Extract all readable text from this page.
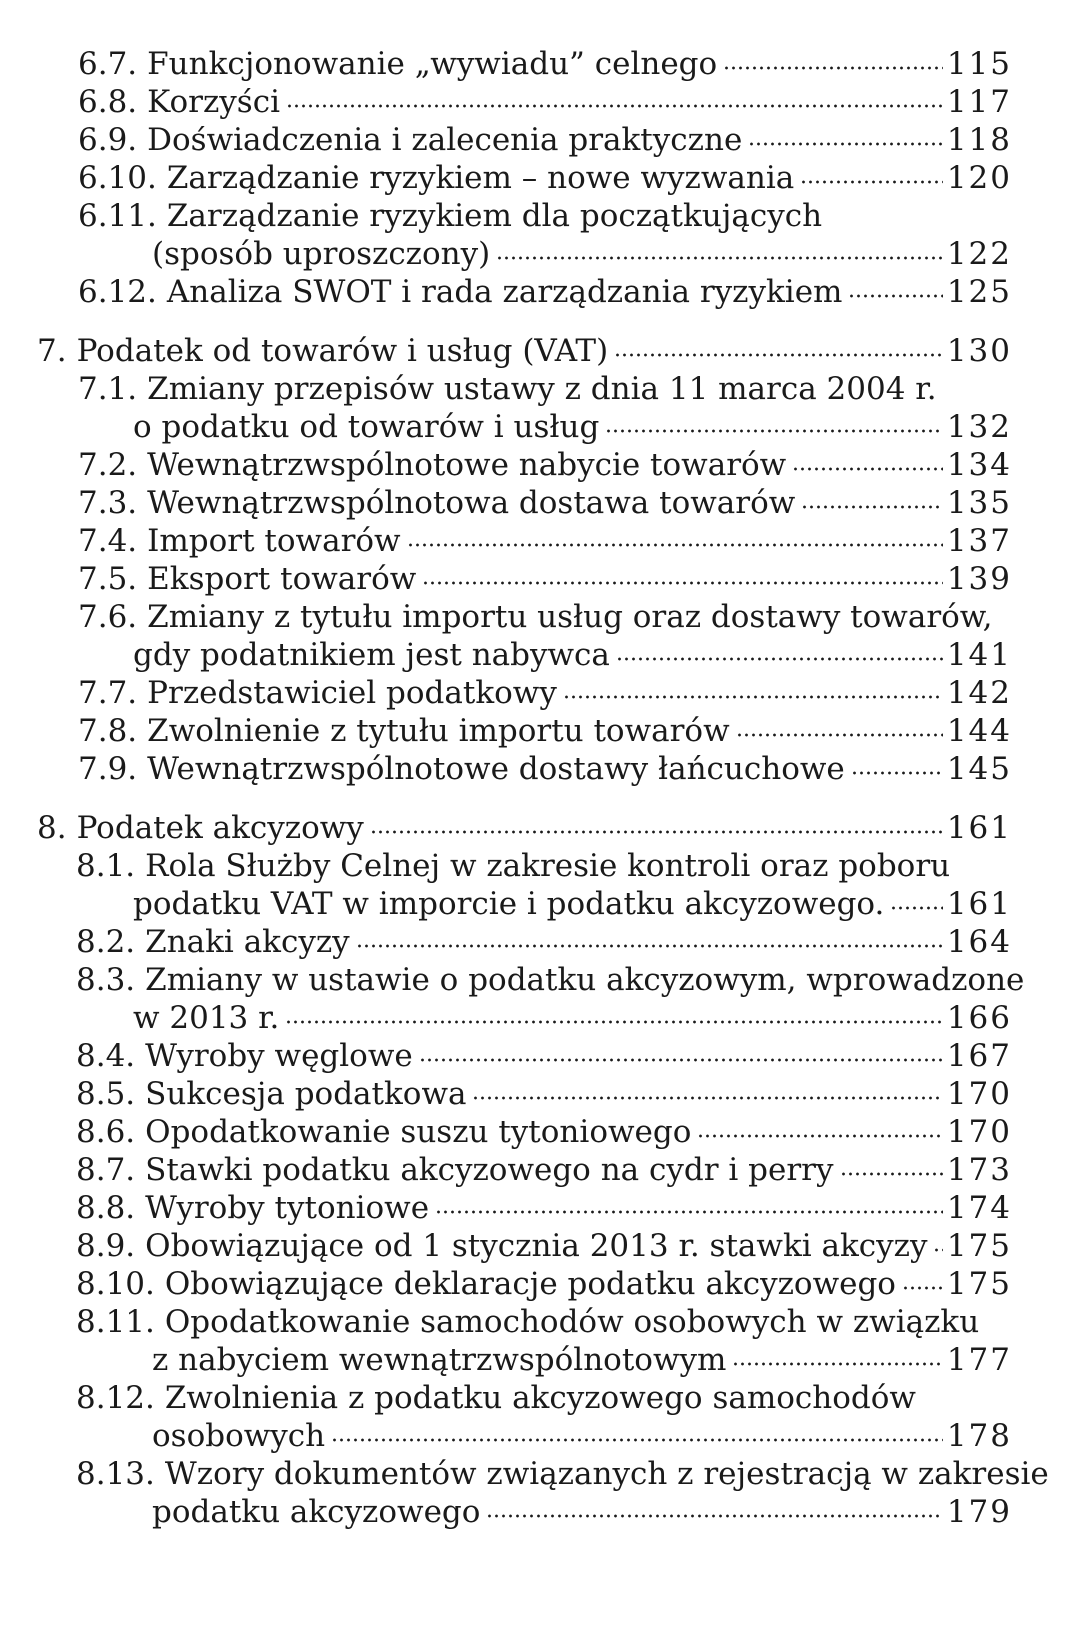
6.7. Funkcjonowanie „wywiadu” celnego	115
6.8. Korzyści	117
6.9. Doświadczenia i zalecenia praktyczne	118
6.10. Zarządzanie ryzykiem – nowe wyzwania	120
6.11. Zarządzanie ryzykiem dla początkujących
(sposób uproszczony)	122
6.12. Analiza SWOT i rada zarządzania ryzykiem	125
7. Podatek od towarów i usług (VAT)	130
7.1. Zmiany przepisów ustawy z dnia 11 marca 2004 r.
o podatku od towarów i usług	132
7.2. Wewnątrzwspólnotowe nabycie towarów	134
7.3. Wewnątrzwspólnotowa dostawa towarów	135
7.4. Import towarów	137
7.5. Eksport towarów	139
7.6. Zmiany z tytułu importu usług oraz dostawy towarów,
gdy podatnikiem jest nabywca	141
7.7. Przedstawiciel podatkowy	142
7.8. Zwolnienie z tytułu importu towarów	144
7.9. Wewnątrzwspólnotowe dostawy łańcuchowe	145
8. Podatek akcyzowy	161
8.1. Rola Służby Celnej w zakresie kontroli oraz poboru
podatku VAT w imporcie i podatku akcyzowego. 161
8.2. Znaki akcyzy	164
8.3. Zmiany w ustawie o podatku akcyzowym, wprowadzone
w 2013 r.	166
8.4. Wyroby węglowe	167
8.5. Sukcesja podatkowa	170
8.6. Opodatkowanie suszu tytoniowego	170
8.7. Stawki podatku akcyzowego na cydr i perry	173
8.8. Wyroby tytoniowe	174
8.9. Obowiązujące od 1 stycznia 2013 r. stawki akcyzy 175
8.10. Obowiązujące deklaracje podatku akcyzowego 175
8.11. Opodatkowanie samochodów osobowych w związku
z nabyciem wewnątrzwspólnotowym	177
8.12. Zwolnienia z podatku akcyzowego samochodów
osobowych	178
8.13. Wzory dokumentów związanych z rejestracją w zakresie
podatku akcyzowego	179
